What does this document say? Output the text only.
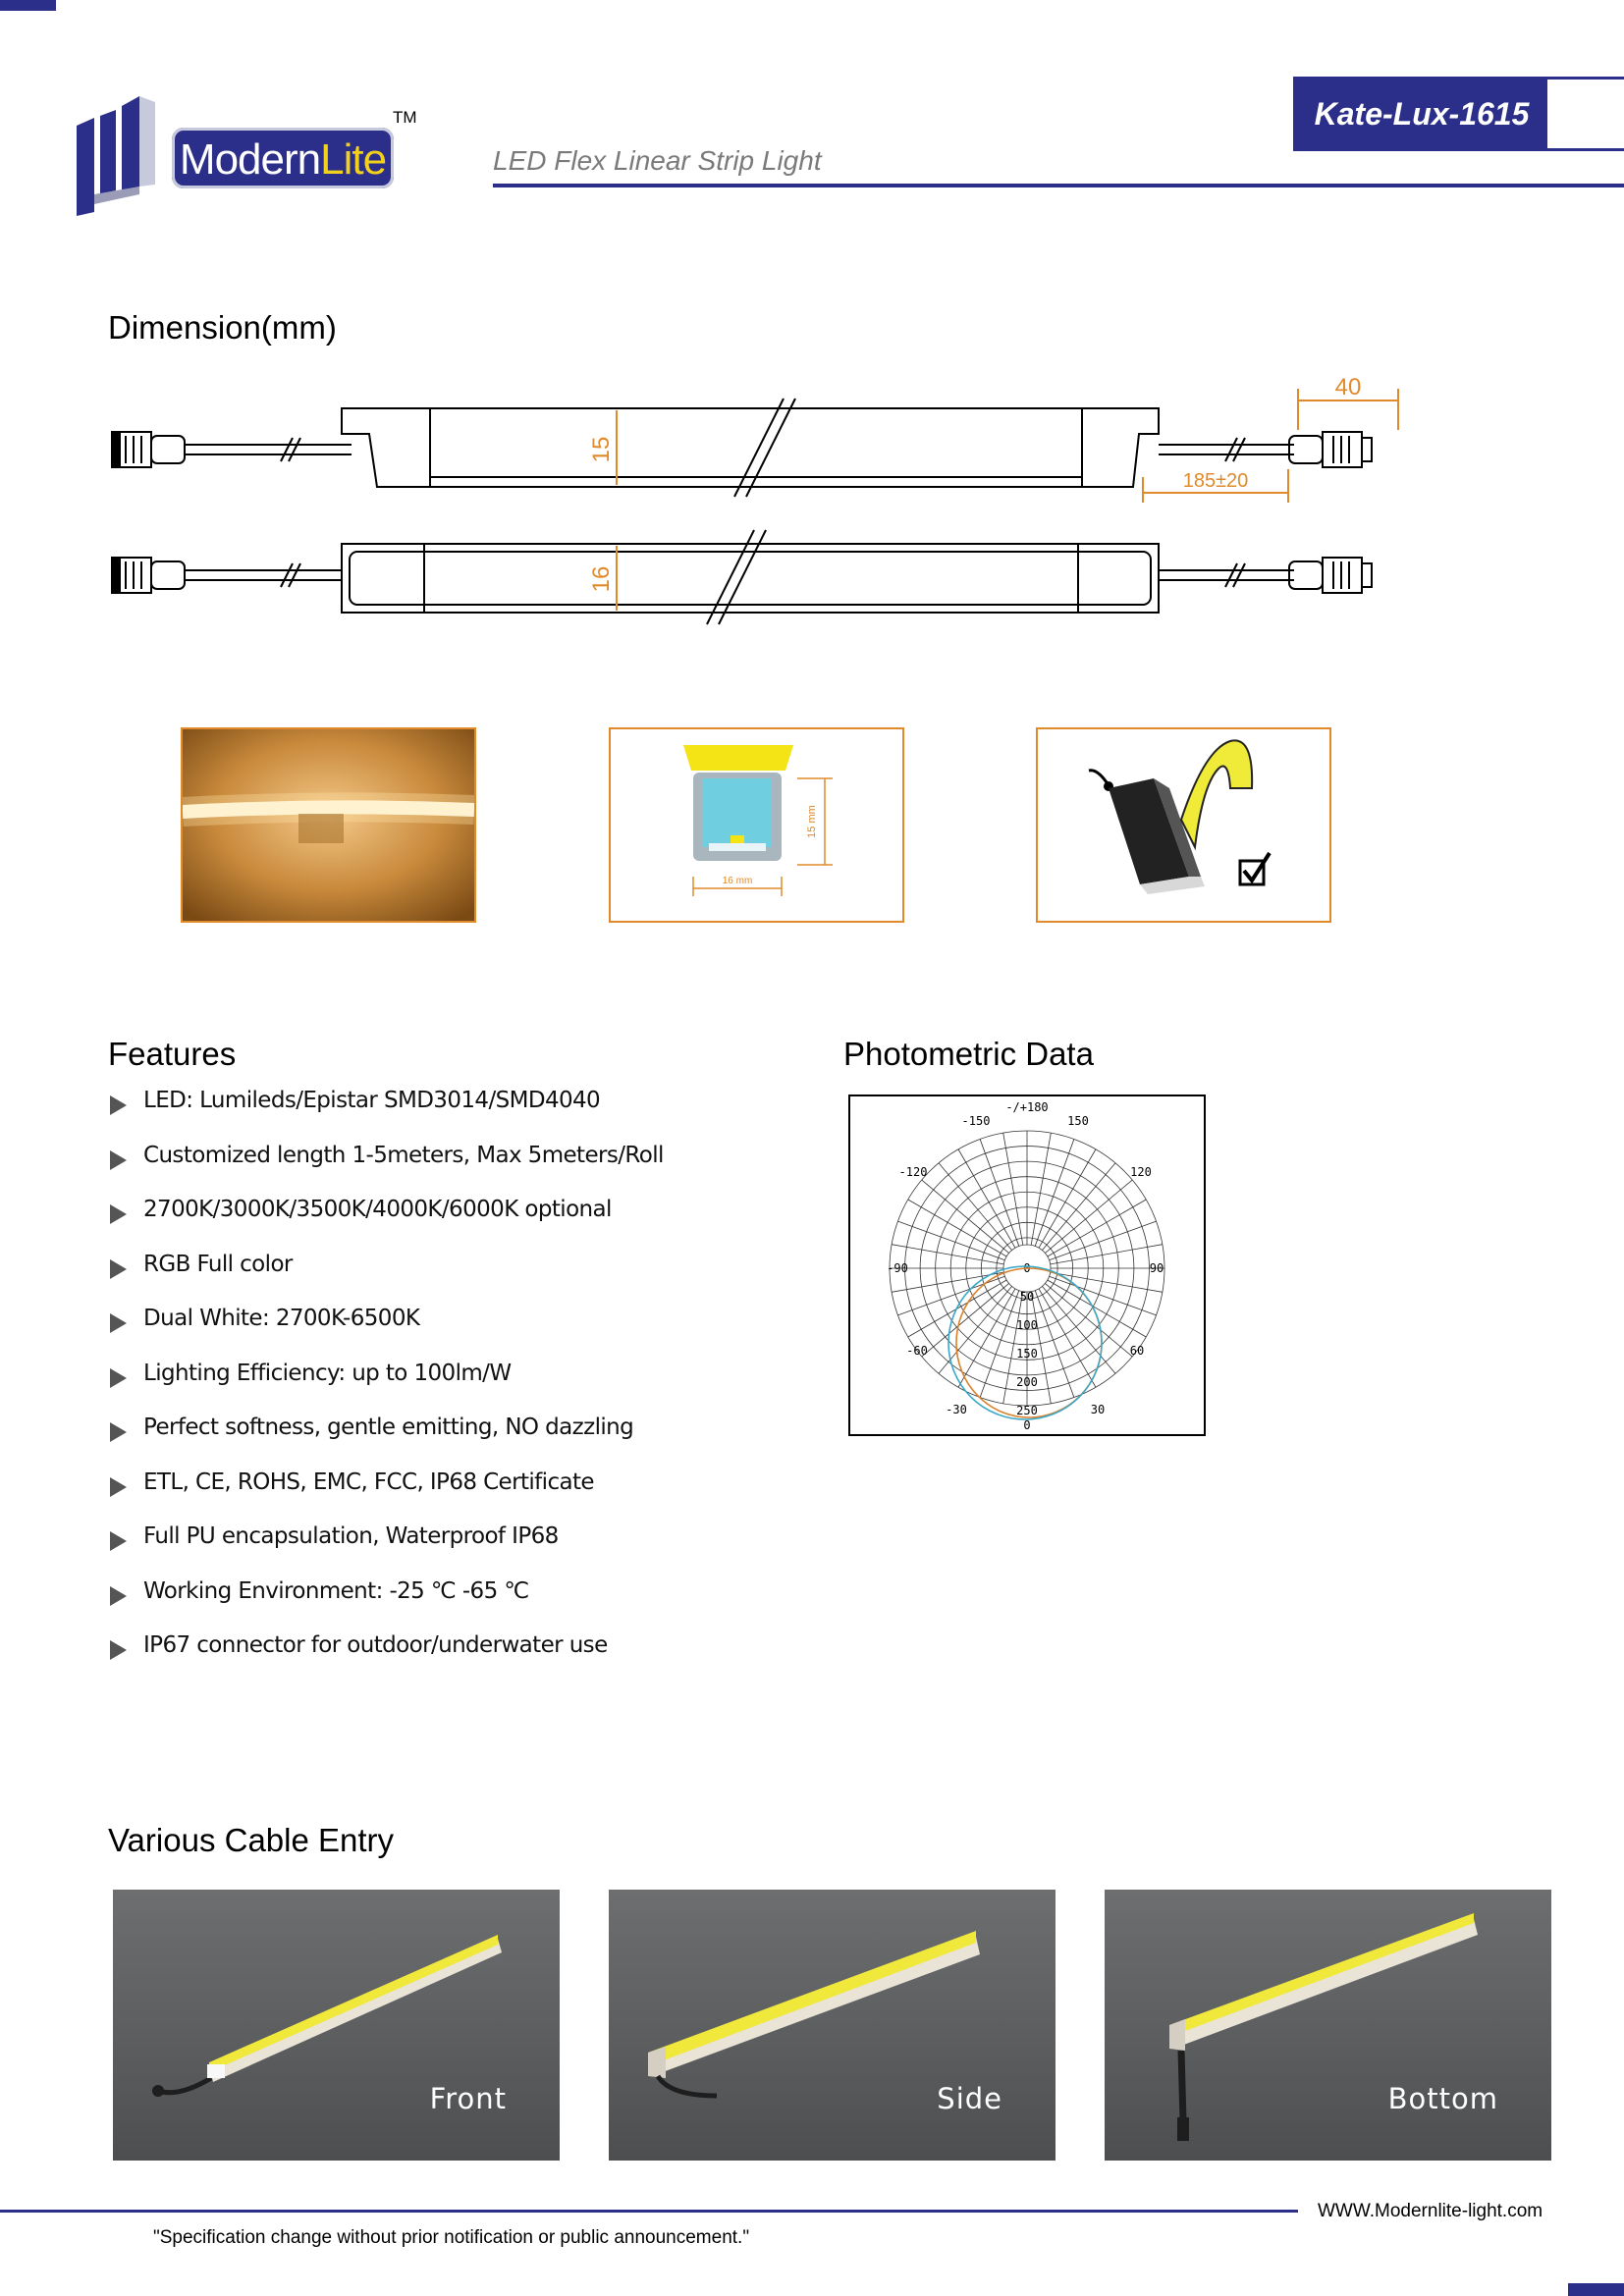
ModernLite
TM
LED Flex Linear Strip Light
Kate-Lux-1615
Dimension(mm)
15
16
40
185±20
15 mm
16 mm
Features
LED: Lumileds/Epistar SMD3014/SMD4040
Customized length 1-5meters, Max 5meters/Roll
2700K/3000K/3500K/4000K/6000K optional
RGB Full color
Dual White: 2700K-6500K
Lighting Efficiency: up to 100lm/W
Perfect softness, gentle emitting, NO dazzling
ETL, CE, ROHS, EMC, FCC, IP68 Certificate
Full PU encapsulation, Waterproof IP68
Working Environment: -25 ℃ -65 ℃
IP67 connector for outdoor/underwater use
Photometric Data
-/+180
-150	150
-120	120
-90	90
-60	60
-30	30
0
0
50
100
150
200
250
Various Cable Entry
Front	Side	Bottom
WWW.Modernlite-light.com
"Specification change without prior notification or public announcement."
